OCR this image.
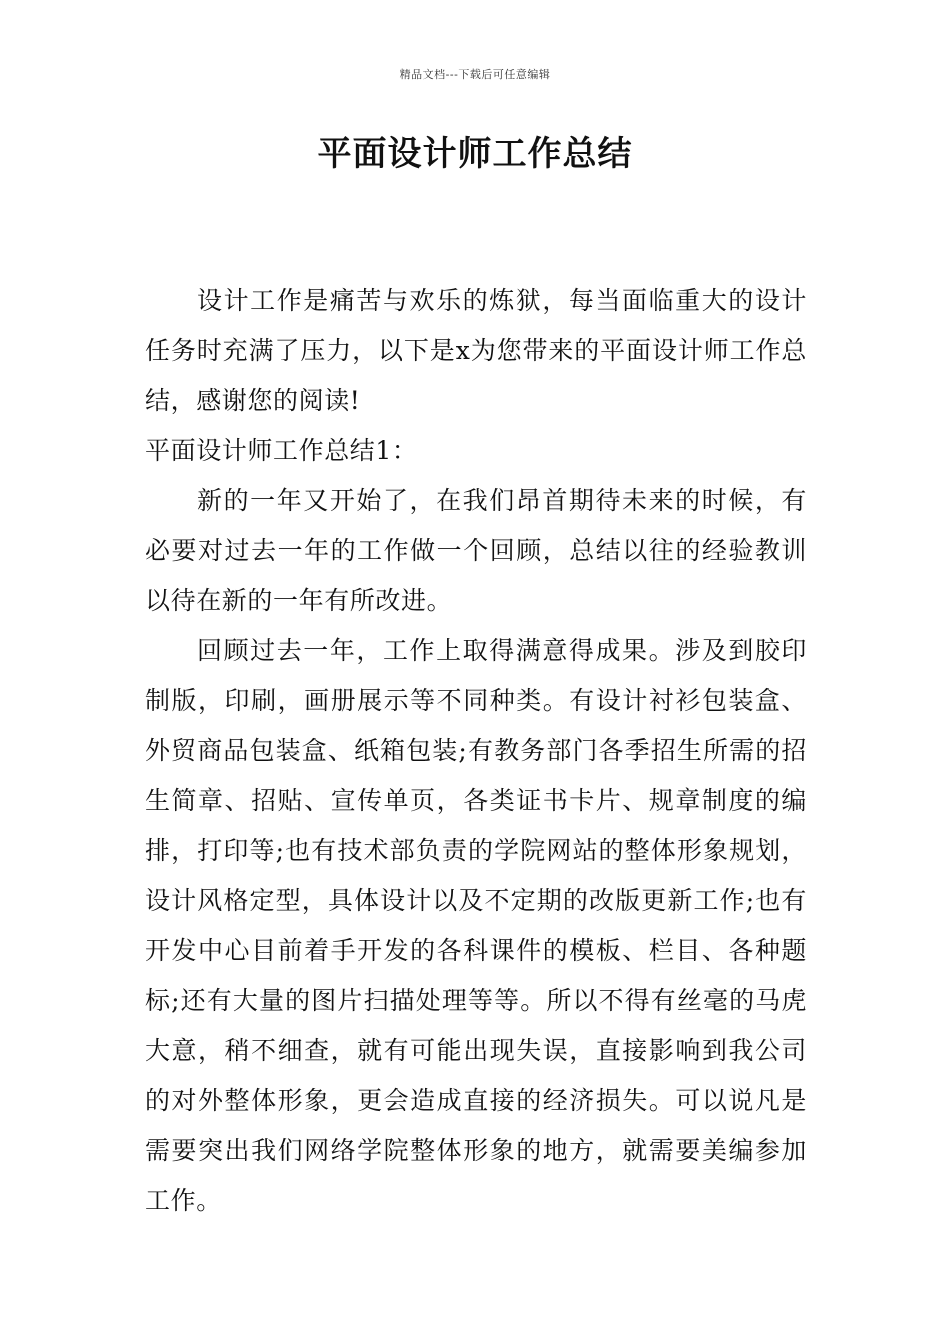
精品文档---下载后可任意编辑
平面设计师工作总结

设计工作是痛苦与欢乐的炼狱，每当面临重大的设计任务时充满了压力，以下是x为您带来的平面设计师工作总结，感谢您的阅读!

平面设计师工作总结1：

新的一年又开始了，在我们昂首期待未来的时候，有必要对过去一年的工作做一个回顾，总结以往的经验教训以待在新的一年有所改进。

回顾过去一年，工作上取得满意得成果。涉及到胶印制版，印刷，画册展示等不同种类。有设计衬衫包装盒、外贸商品包装盒、纸箱包装;有教务部门各季招生所需的招生简章、招贴、宣传单页，各类证书卡片、规章制度的编排，打印等;也有技术部负责的学院网站的整体形象规划，设计风格定型，具体设计以及不定期的改版更新工作;也有开发中心目前着手开发的各科课件的模板、栏目、各种题标;还有大量的图片扫描处理等等。所以不得有丝毫的马虎大意，稍不细查，就有可能出现失误，直接影响到我公司的对外整体形象，更会造成直接的经济损失。可以说凡是需要突出我们网络学院整体形象的地方，就需要美编参加工作。
